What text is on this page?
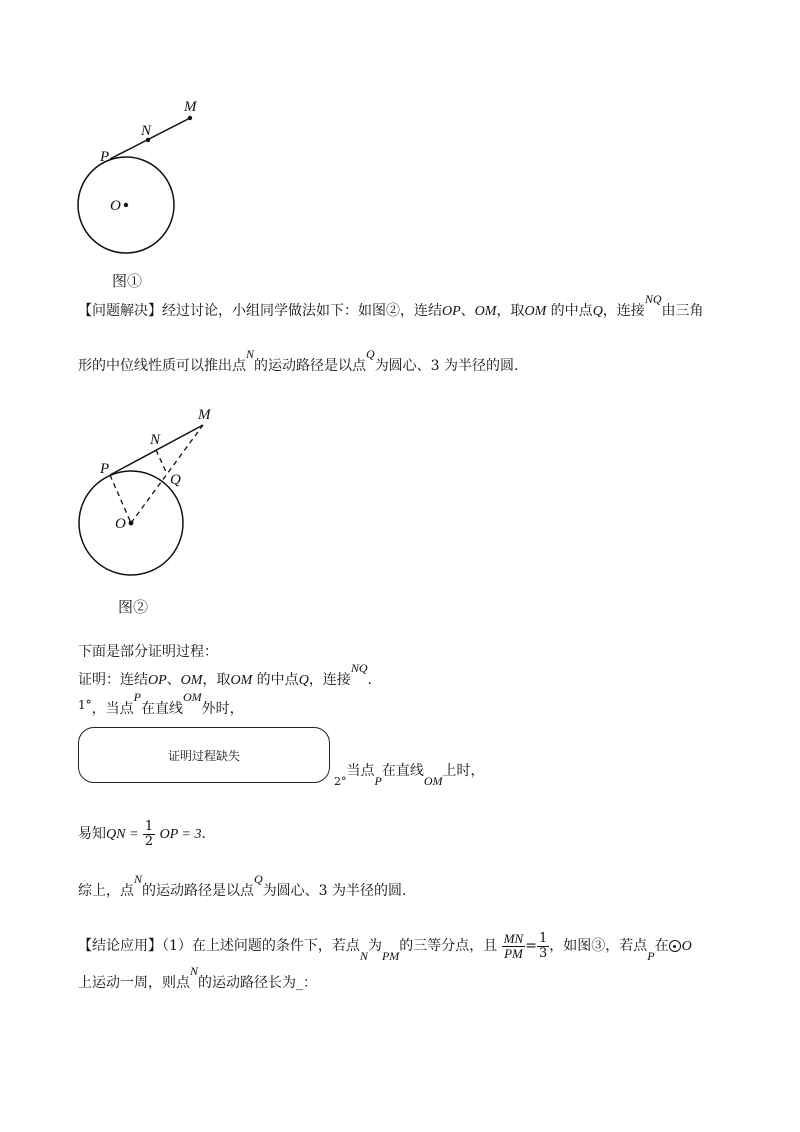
M
N
P
O
图①
【问题解决】经过讨论，小组同学做法如下：如图②，连结OP、OM，取OM 的中点Q，连接NQ由三角
形的中位线性质可以推出点N的运动路径是以点Q为圆心、3 为半径的圆.
M
N
P
Q
O
图②
下面是部分证明过程：
证明：连结OP、OM，取OM 的中点Q，连接NQ.
1°，当点P在直线OM外时，
证明过程缺失
$_{2^\circ}$当点P在直线OM上时，
易知QN = $\frac{1}{2}$ OP = 3.
综上，点N的运动路径是以点Q为圆心、3 为半径的圆.
【结论应用】（1）在上述问题的条件下，若点N为PM的三等分点，且 $\frac{MN}{PM} = \frac{1}{3}$ ，如图③，若点P在 O
上运动一周，则点N的运动路径长为_：
